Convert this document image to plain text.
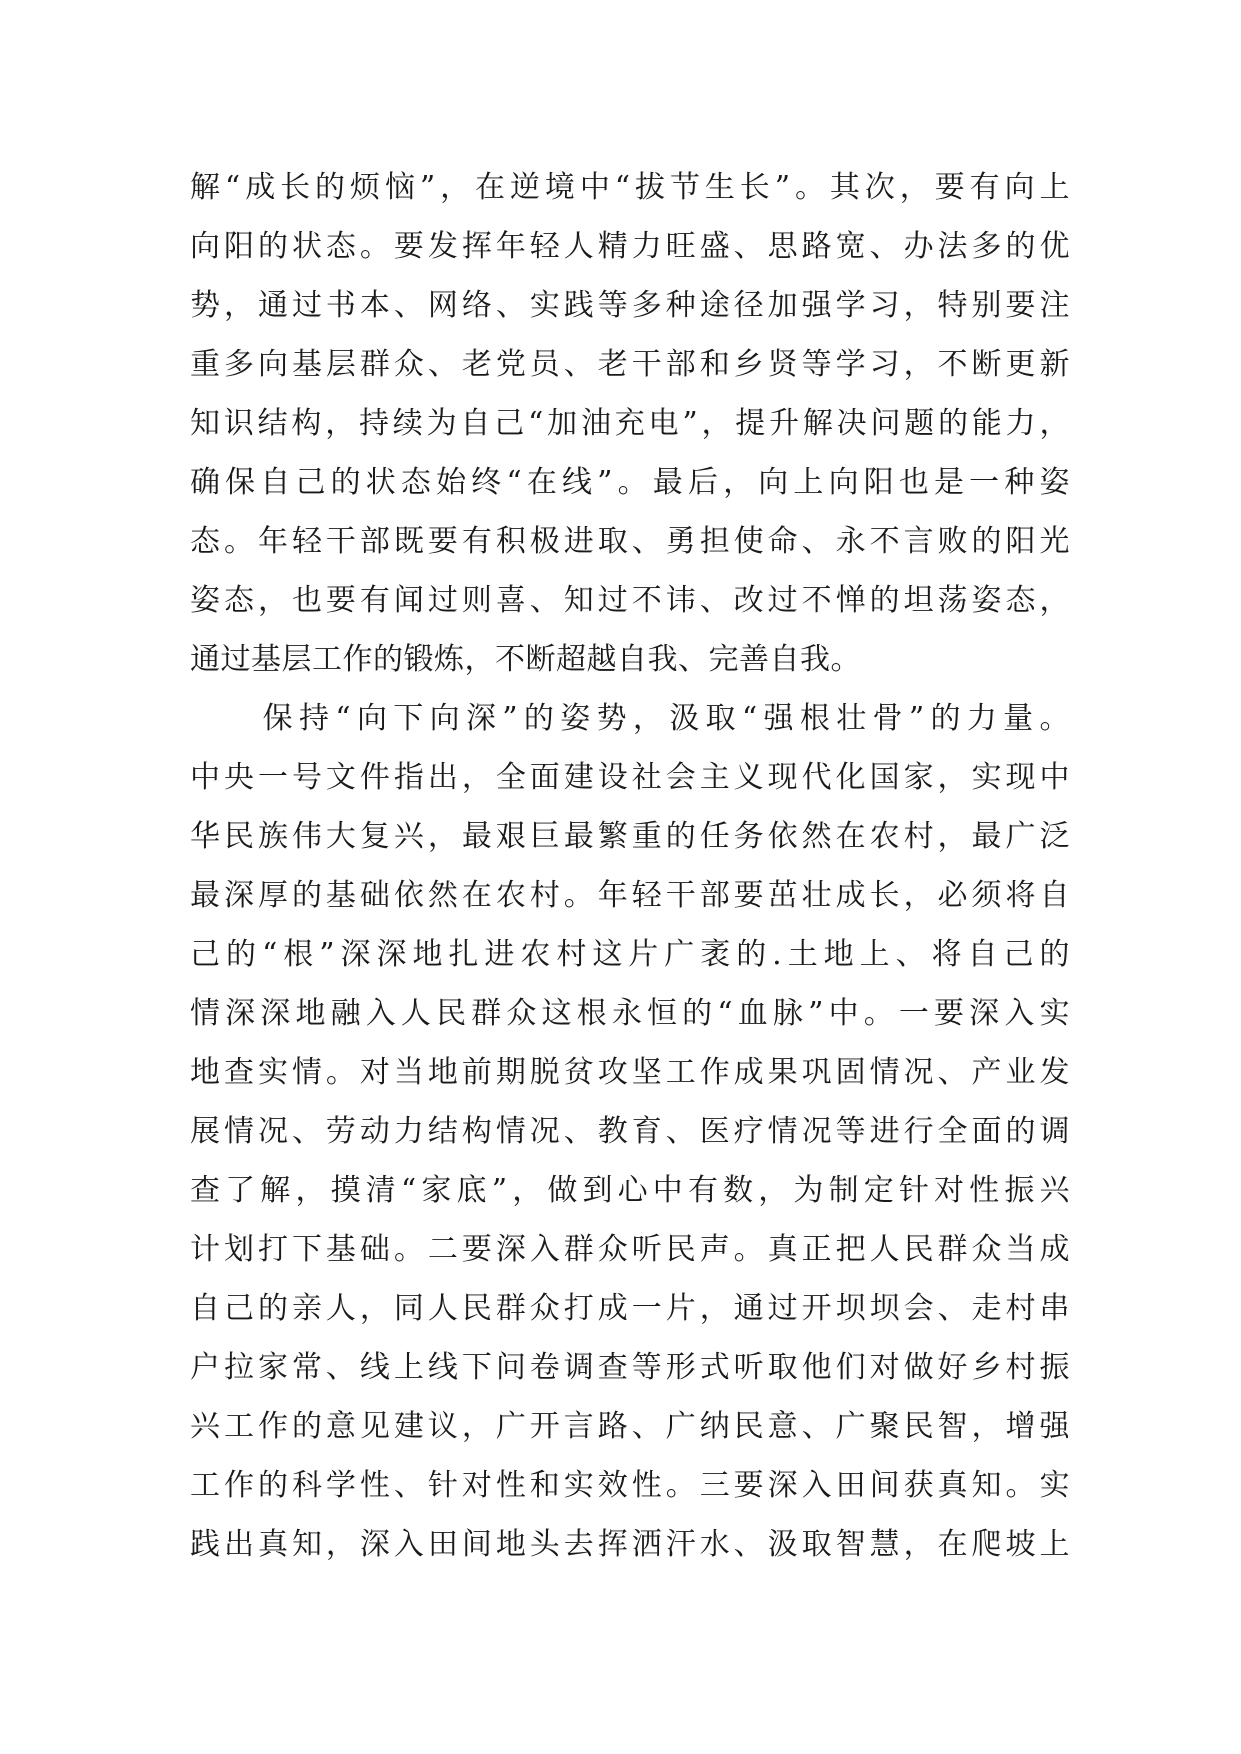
解“成长的烦恼”，在逆境中“拔节生长”。其次，要有向上
向阳的状态。要发挥年轻人精力旺盛、思路宽、办法多的优
势，通过书本、网络、实践等多种途径加强学习，特别要注
重多向基层群众、老党员、老干部和乡贤等学习，不断更新
知识结构，持续为自己“加油充电”，提升解决问题的能力，
确保自己的状态始终“在线”。最后，向上向阳也是一种姿
态。年轻干部既要有积极进取、勇担使命、永不言败的阳光
姿态，也要有闻过则喜、知过不讳、改过不惮的坦荡姿态，
通过基层工作的锻炼，不断超越自我、完善自我。
　　保持“向下向深”的姿势，汲取“强根壮骨”的力量。
中央一号文件指出，全面建设社会主义现代化国家，实现中
华民族伟大复兴，最艰巨最繁重的任务依然在农村，最广泛
最深厚的基础依然在农村。年轻干部要茁壮成长，必须将自
己的“根”深深地扎进农村这片广袤的.土地上、将自己的
情深深地融入人民群众这根永恒的“血脉”中。一要深入实
地查实情。对当地前期脱贫攻坚工作成果巩固情况、产业发
展情况、劳动力结构情况、教育、医疗情况等进行全面的调
查了解，摸清“家底”，做到心中有数，为制定针对性振兴
计划打下基础。二要深入群众听民声。真正把人民群众当成
自己的亲人，同人民群众打成一片，通过开坝坝会、走村串
户拉家常、线上线下问卷调查等形式听取他们对做好乡村振
兴工作的意见建议，广开言路、广纳民意、广聚民智，增强
工作的科学性、针对性和实效性。三要深入田间获真知。实
践出真知，深入田间地头去挥洒汗水、汲取智慧，在爬坡上
